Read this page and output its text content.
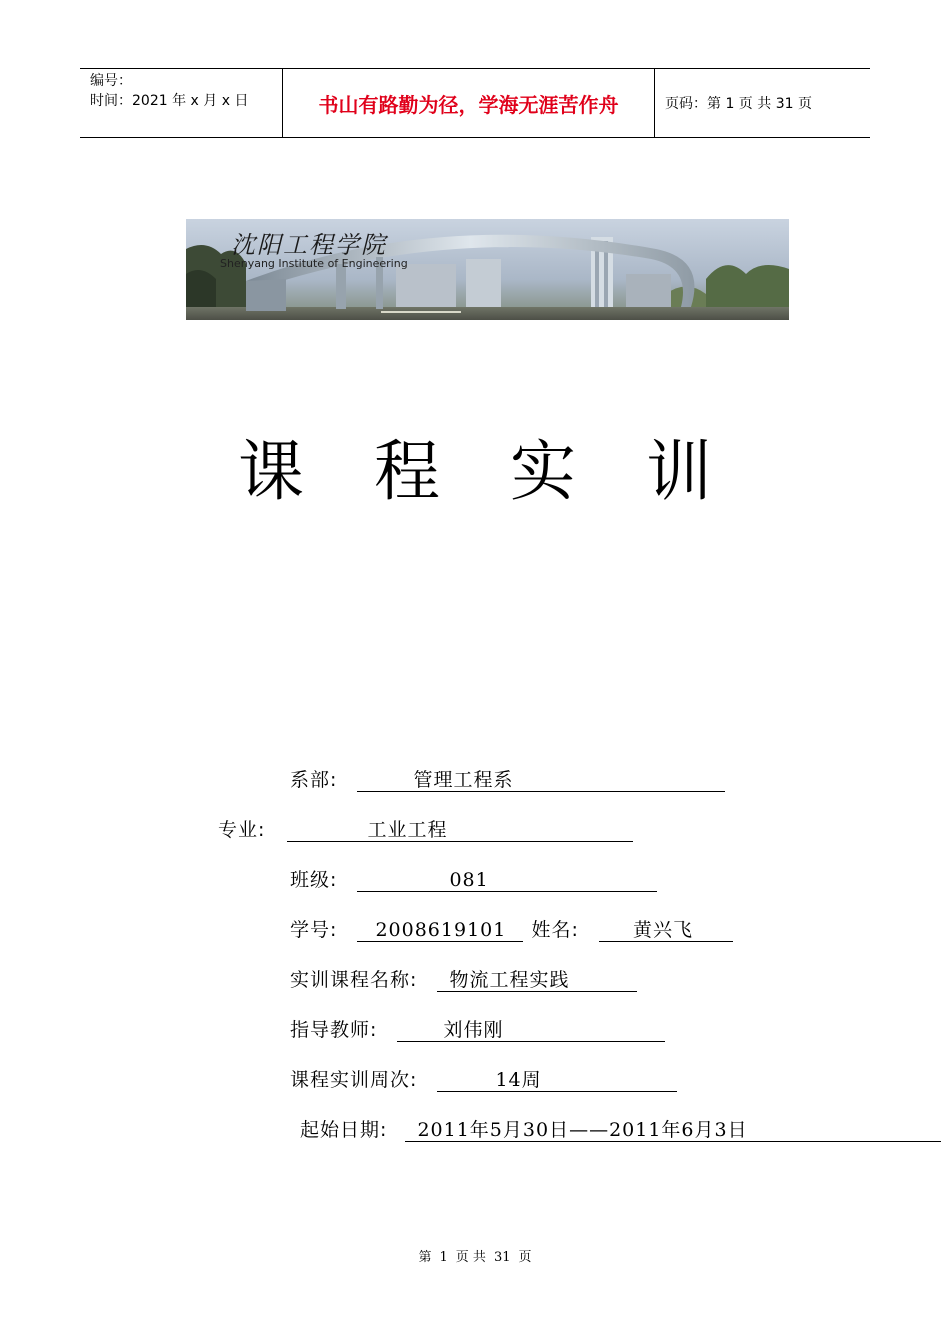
编号：
时间：2021 年 x 月 x 日	书山有路勤为径，学海无涯苦作舟	页码：第 1 页 共 31 页
沈阳工程学院
Shenyang Institute of Engineering
课 程 实 训
系部:	管理工程系
专业:	工业工程
班级:	081
学号: 2008619101 姓名:	黄兴飞
实训课程名称: 物流工程实践
指导教师:	刘伟刚
课程实训周次:	14周
起始日期: 2011年5月30日——2011年6月3日
第 1 页 共 31 页
